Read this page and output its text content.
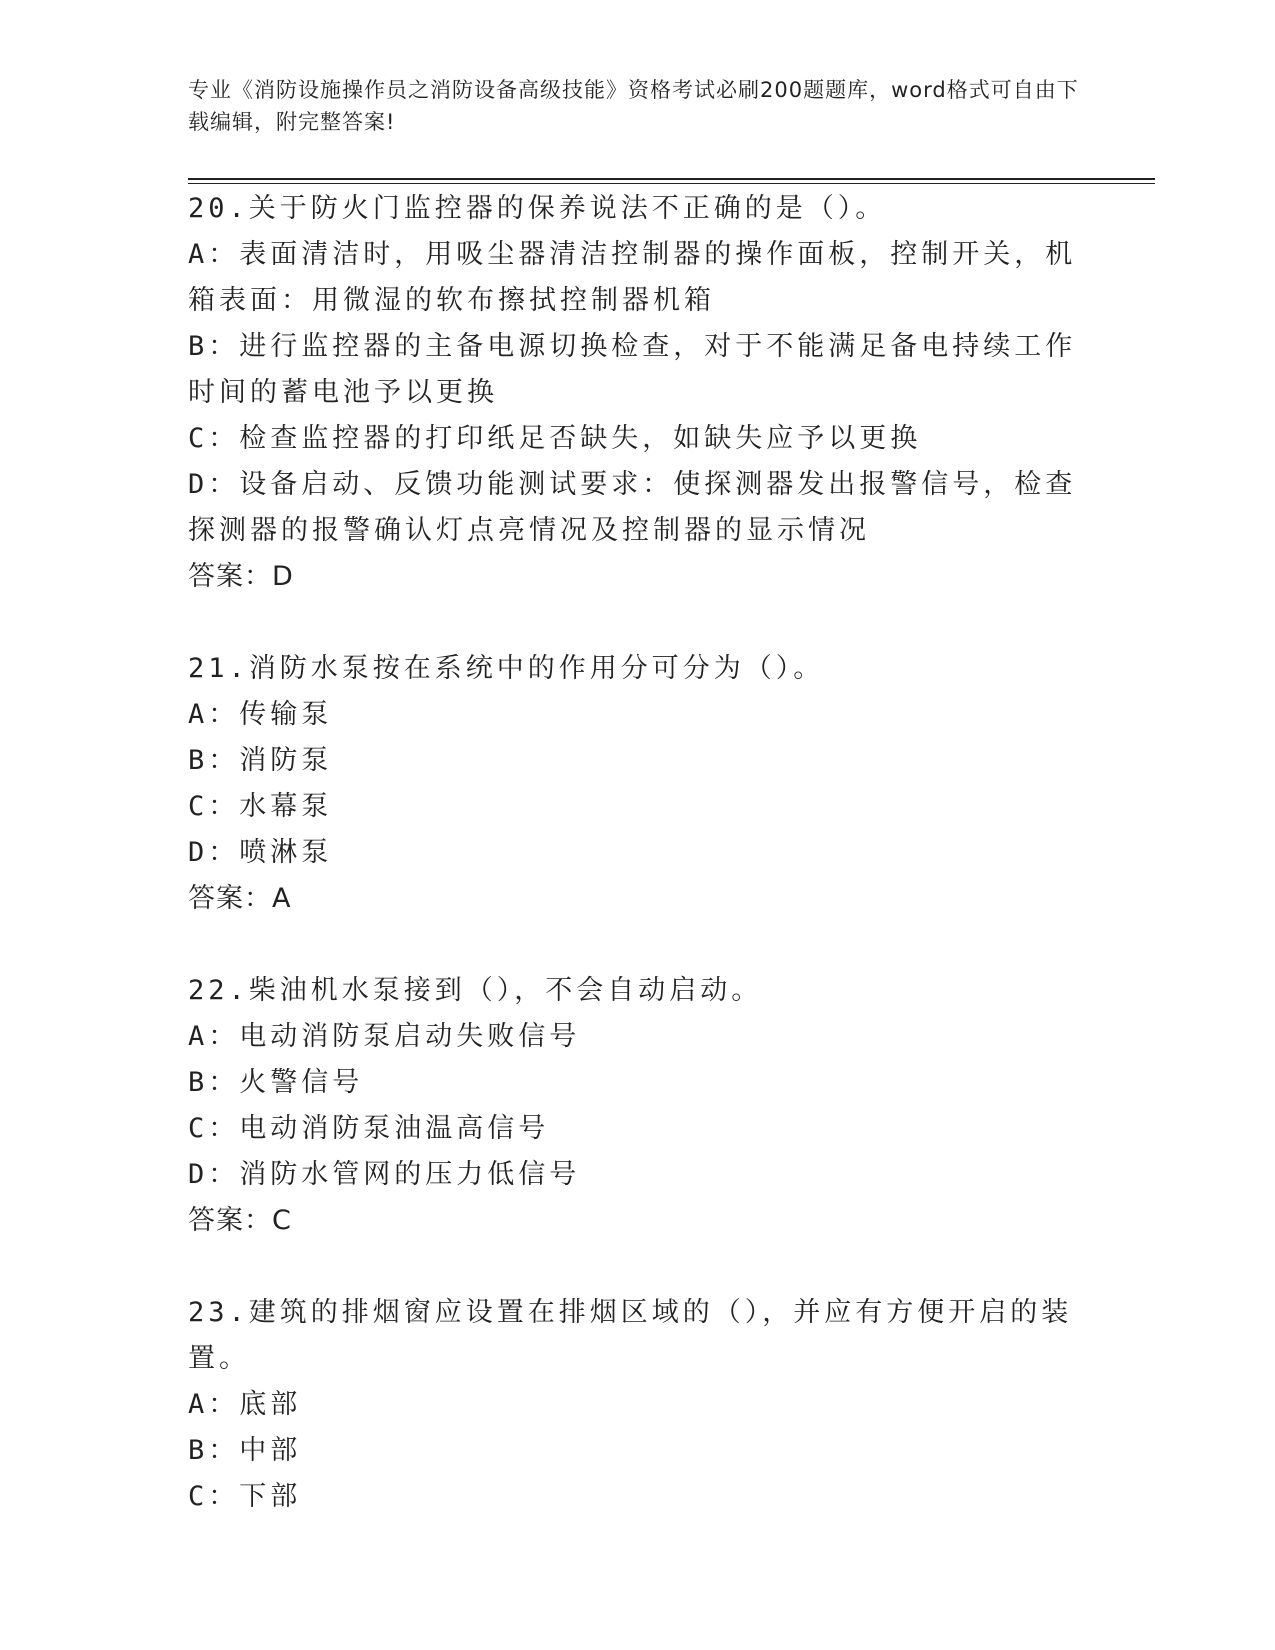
专业《消防设施操作员之消防设备高级技能》资格考试必刷200题题库，word格式可自由下载编辑，附完整答案!
20.关于防火门监控器的保养说法不正确的是（）。
A：表面清洁时，用吸尘器清洁控制器的操作面板，控制开关，机箱表面：用微湿的软布擦拭控制器机箱
B：进行监控器的主备电源切换检查，对于不能满足备电持续工作时间的蓄电池予以更换
C：检查监控器的打印纸足否缺失，如缺失应予以更换
D：设备启动、反馈功能测试要求：使探测器发出报警信号，检查探测器的报警确认灯点亮情况及控制器的显示情况
答案：D
21.消防水泵按在系统中的作用分可分为（）。
A：传输泵
B：消防泵
C：水幕泵
D：喷淋泵
答案：A
22.柴油机水泵接到（），不会自动启动。
A：电动消防泵启动失败信号
B：火警信号
C：电动消防泵油温高信号
D：消防水管网的压力低信号
答案：C
23.建筑的排烟窗应设置在排烟区域的（），并应有方便开启的装置。
A：底部
B：中部
C：下部
